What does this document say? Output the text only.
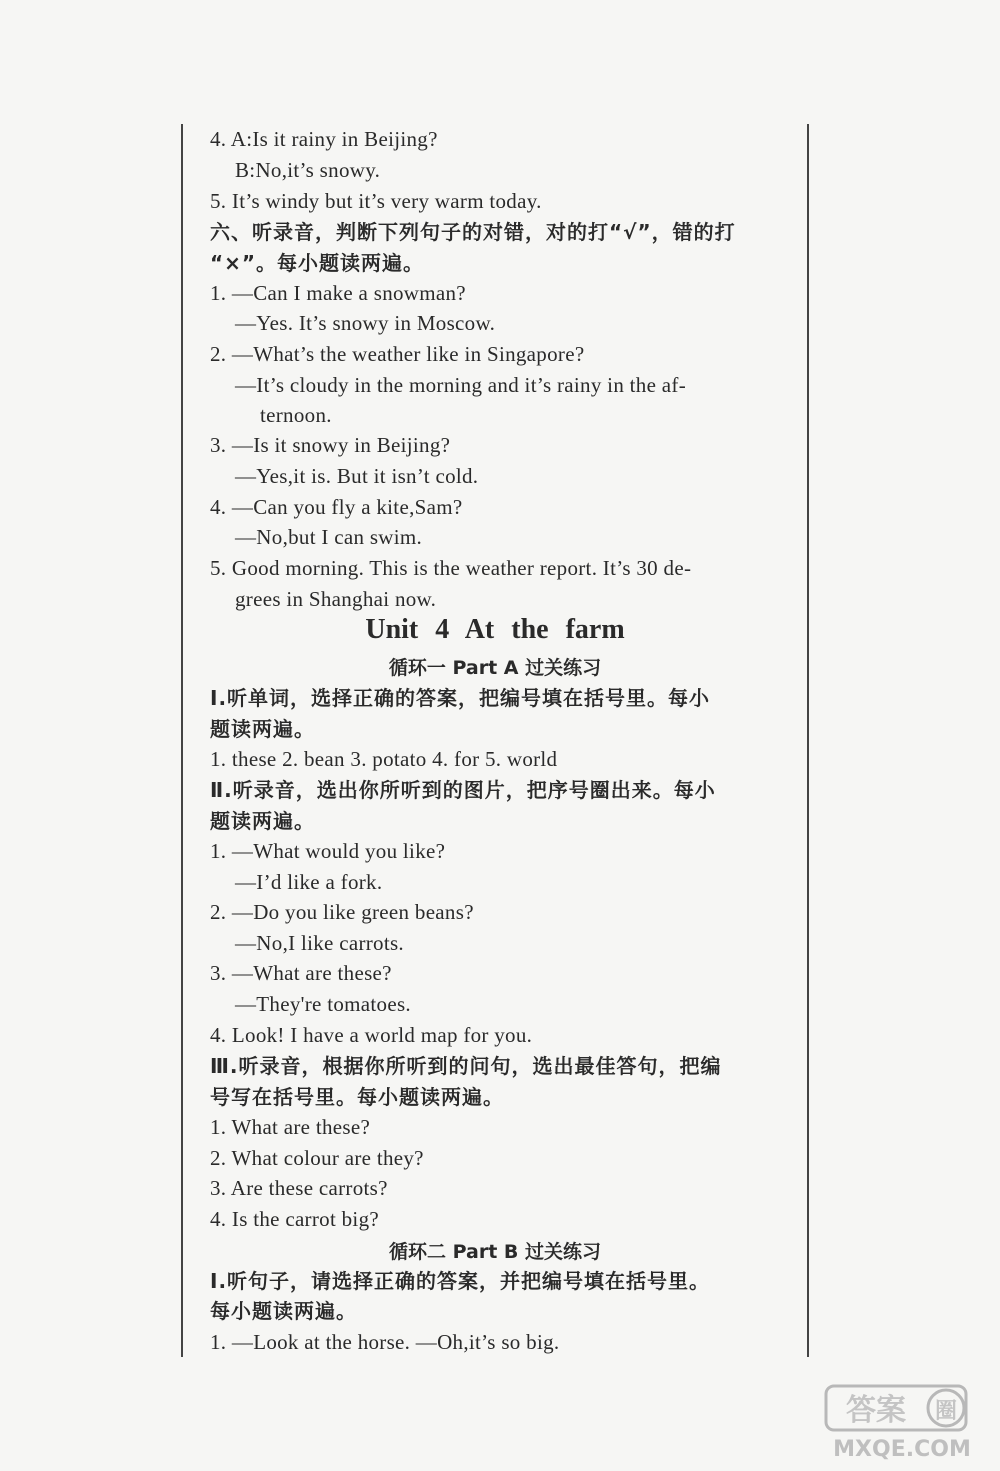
4. A:Is it rainy in Beijing?
B:No,it’s snowy.
5. It’s windy but it’s very warm today.
六、听录音，判断下列句子的对错，对的打“√”，错的打
“×”。每小题读两遍。
1. —Can I make a snowman?
—Yes. It’s snowy in Moscow.
2. —What’s the weather like in Singapore?
—It’s cloudy in the morning and it’s rainy in the af-
ternoon.
3. —Is it snowy in Beijing?
—Yes,it is. But it isn’t cold.
4. —Can you fly a kite,Sam?
—No,but I can swim.
5. Good morning. This is the weather report. It’s 30 de-
grees in Shanghai now.
Ⅰ.听单词，选择正确的答案，把编号填在括号里。每小
题读两遍。
1. these 2. bean 3. potato 4. for 5. world
Ⅱ.听录音，选出你所听到的图片，把序号圈出来。每小
题读两遍。
1. —What would you like?
—I’d like a fork.
2. —Do you like green beans?
—No,I like carrots.
3. —What are these?
—They're tomatoes.
4. Look! I have a world map for you.
Ⅲ.听录音，根据你所听到的问句，选出最佳答句，把编
号写在括号里。每小题读两遍。
1. What are these?
2. What colour are they?
3. Are these carrots?
4. Is the carrot big?
Ⅰ.听句子，请选择正确的答案，并把编号填在括号里。
每小题读两遍。
1. —Look at the horse. —Oh,it’s so big.
Unit 4 At the farm
循环一 Part A 过关练习
循环二 Part B 过关练习
答案 圈
MXQE.COM
